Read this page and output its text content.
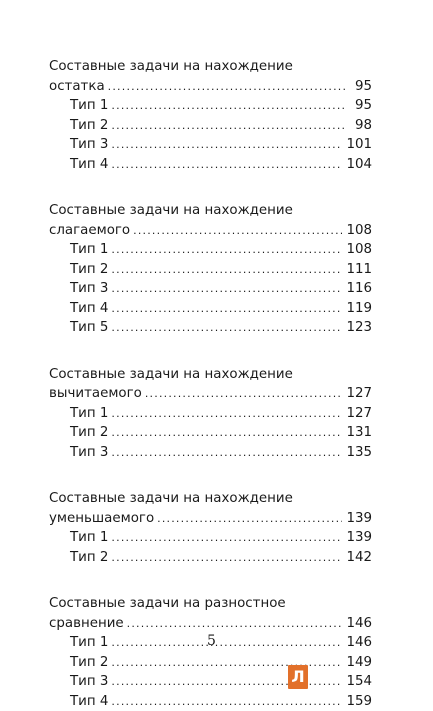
Составные задачи на нахождение
остатка .....	95
Тип 1 .....	95
Тип 2 .....	98
Тип 3 .....	101
Тип 4 .....	104
Составные задачи на нахождение
слагаемого .....	108
Тип 1 .....	108
Тип 2 .....	111
Тип 3 .....	116
Тип 4 .....	119
Тип 5 .....	123
Составные задачи на нахождение
вычитаемого .....	127
Тип 1 .....	127
Тип 2 .....	131
Тип 3 .....	135
Составные задачи на нахождение
уменьшаемого .....	139
Тип 1 .....	139
Тип 2 .....	142
Составные задачи на разностное
сравнение .....	146
Тип 1 .....	146
Тип 2 .....	149
Тип 3 .....	154
Тип 4 .....	159
5
Л
